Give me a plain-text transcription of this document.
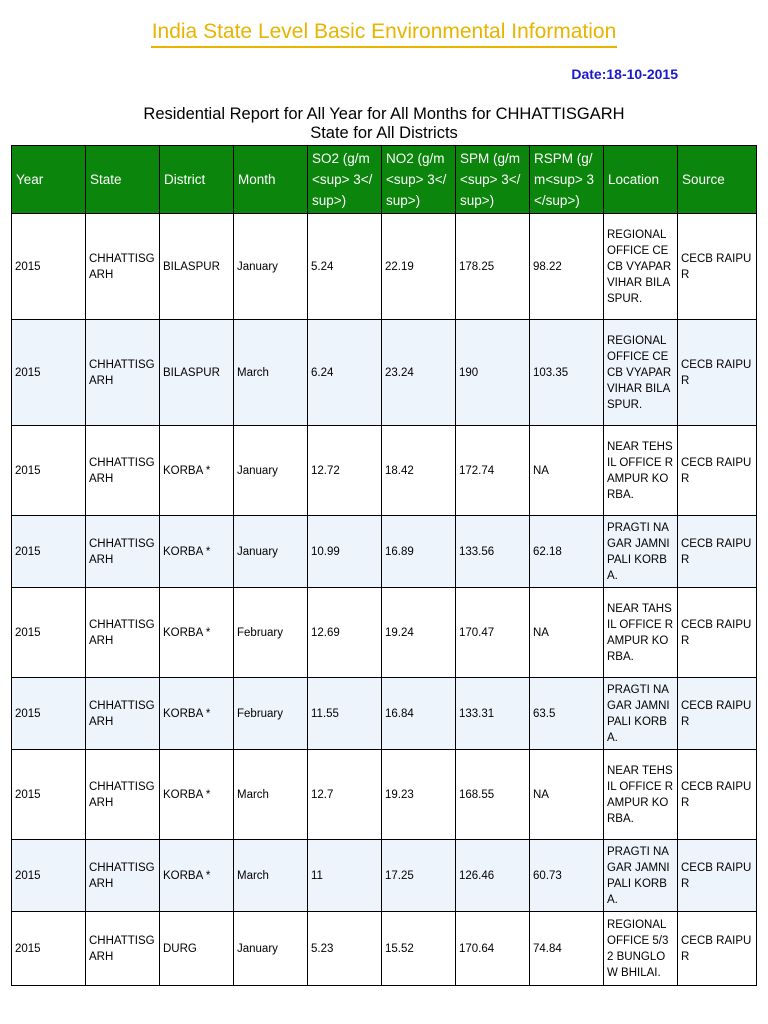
India State Level Basic Environmental Information
Date:18-10-2015
Residential Report for All Year for All Months for CHHATTISGARH
State for All Districts
Year	State	District	Month	SO2 (g/m<sup> 3</sup>)	NO2 (g/m<sup> 3</sup>)	SPM (g/m<sup> 3</sup>)	RSPM (g/m<sup> 3</sup>)	Location	Source
2015	CHHATTISGARH	BILASPUR	January	5.24	22.19	178.25	98.22	REGIONAL OFFICE CECB VYAPAR VIHAR BILASPUR.	CECB RAIPUR
2015	CHHATTISGARH	BILASPUR	March	6.24	23.24	190	103.35	REGIONAL OFFICE CECB VYAPAR VIHAR BILASPUR.	CECB RAIPUR
2015	CHHATTISGARH	KORBA *	January	12.72	18.42	172.74	NA	NEAR TEHSIL OFFICE RAMPUR KORBA.	CECB RAIPUR
2015	CHHATTISGARH	KORBA *	January	10.99	16.89	133.56	62.18	PRAGTI NAGAR JAMNIPALI KORBA.	CECB RAIPUR
2015	CHHATTISGARH	KORBA *	February	12.69	19.24	170.47	NA	NEAR TAHSIL OFFICE RAMPUR KORBA.	CECB RAIPUR
2015	CHHATTISGARH	KORBA *	February	11.55	16.84	133.31	63.5	PRAGTI NAGAR JAMNIPALI KORBA.	CECB RAIPUR
2015	CHHATTISGARH	KORBA *	March	12.7	19.23	168.55	NA	NEAR TEHSIL OFFICE RAMPUR KORBA.	CECB RAIPUR
2015	CHHATTISGARH	KORBA *	March	11	17.25	126.46	60.73	PRAGTI NAGAR JAMNIPALI KORBA.	CECB RAIPUR
2015	CHHATTISGARH	DURG	January	5.23	15.52	170.64	74.84	REGIONAL OFFICE 5/32 BUNGLOW BHILAI.	CECB RAIPUR
